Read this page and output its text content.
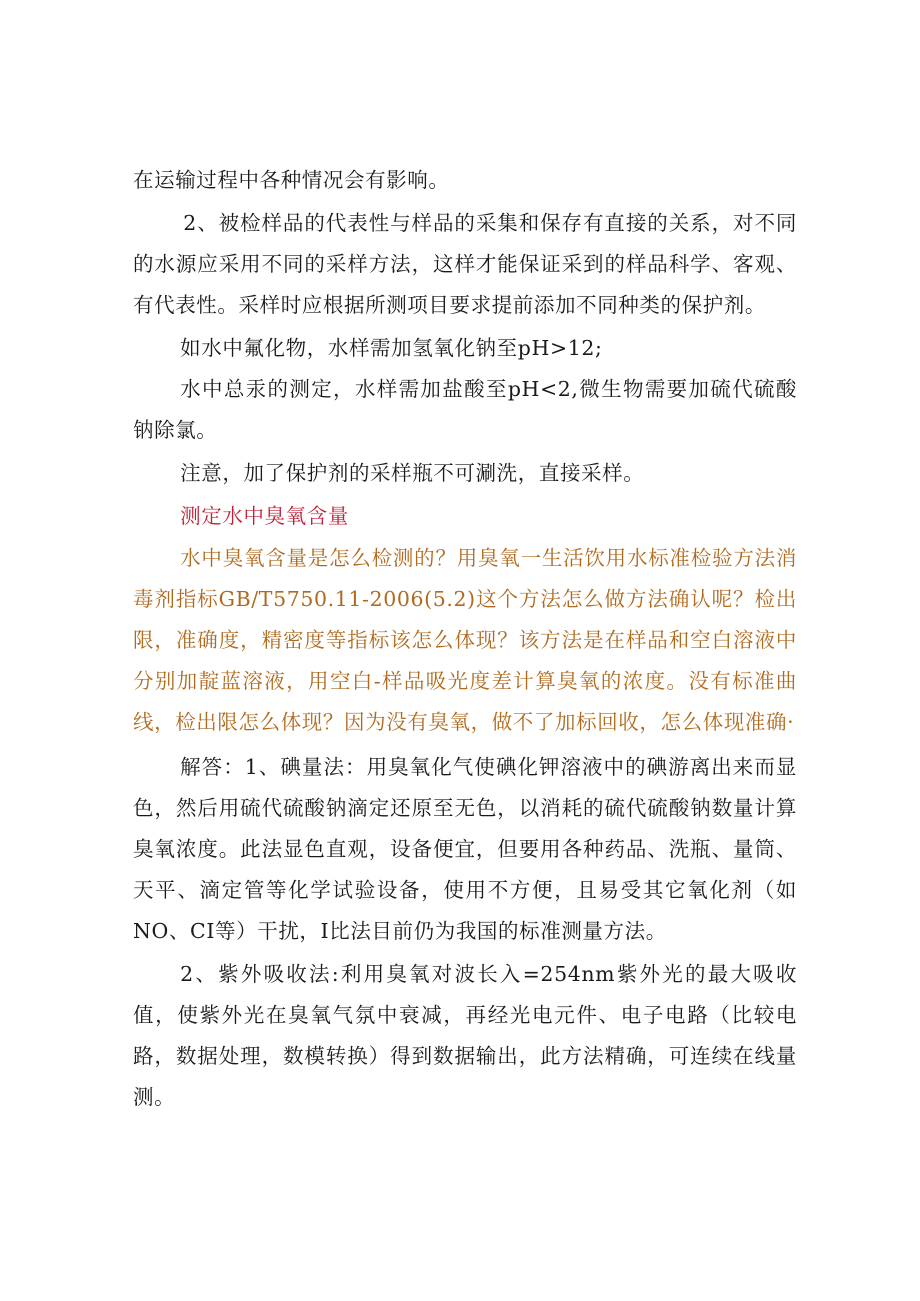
在运输过程中各种情况会有影响。

2、被检样品的代表性与样品的采集和保存有直接的关系，对不同的水源应采用不同的采样方法，这样才能保证采到的样品科学、客观、有代表性。采样时应根据所测项目要求提前添加不同种类的保护剂。

如水中氟化物，水样需加氢氧化钠至pH>12;

水中总汞的测定，水样需加盐酸至pH<2,微生物需要加硫代硫酸钠除氯。

注意，加了保护剂的采样瓶不可涮洗，直接采样。

测定水中臭氧含量

水中臭氧含量是怎么检测的？用臭氧一生活饮用水标准检验方法消毒剂指标GB/T5750.11-2006(5.2)这个方法怎么做方法确认呢？检出限，准确度，精密度等指标该怎么体现？该方法是在样品和空白溶液中分别加靛蓝溶液，用空白-样品吸光度差计算臭氧的浓度。没有标准曲线，检出限怎么体现？因为没有臭氧，做不了加标回收，怎么体现准确·

解答：1、碘量法：用臭氧化气使碘化钾溶液中的碘游离出来而显色，然后用硫代硫酸钠滴定还原至无色，以消耗的硫代硫酸钠数量计算臭氧浓度。此法显色直观，设备便宜，但要用各种药品、洗瓶、量筒、天平、滴定管等化学试验设备，使用不方便，且易受其它氧化剂（如NO、CI等）干扰，I比法目前仍为我国的标准测量方法。

2、紫外吸收法:利用臭氧对波长入=254nm紫外光的最大吸收值，使紫外光在臭氧气氛中衰减，再经光电元件、电子电路（比较电路，数据处理，数模转换）得到数据输出，此方法精确，可连续在线量测。
